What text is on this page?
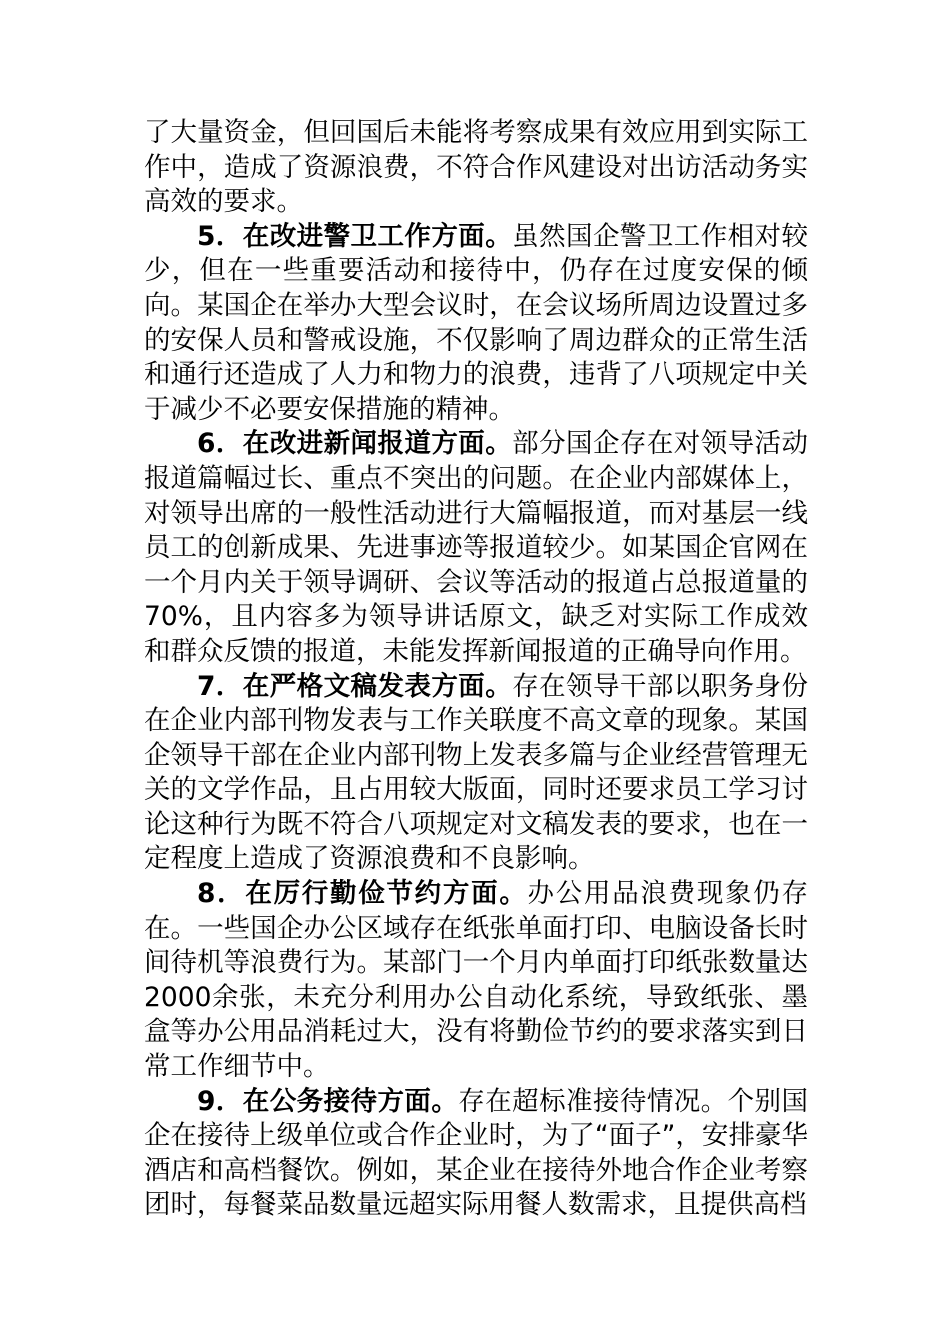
了大量资金，但回国后未能将考察成果有效应用到实际工作中，造成了资源浪费，不符合作风建设对出访活动务实高效的要求。

5．在改进警卫工作方面。虽然国企警卫工作相对较少，但在一些重要活动和接待中，仍存在过度安保的倾向。某国企在举办大型会议时，在会议场所周边设置过多的安保人员和警戒设施，不仅影响了周边群众的正常生活和通行还造成了人力和物力的浪费，违背了八项规定中关于减少不必要安保措施的精神。

6．在改进新闻报道方面。部分国企存在对领导活动报道篇幅过长、重点不突出的问题。在企业内部媒体上，对领导出席的一般性活动进行大篇幅报道，而对基层一线员工的创新成果、先进事迹等报道较少。如某国企官网在一个月内关于领导调研、会议等活动的报道占总报道量的70%，且内容多为领导讲话原文，缺乏对实际工作成效和群众反馈的报道，未能发挥新闻报道的正确导向作用。

7．在严格文稿发表方面。存在领导干部以职务身份在企业内部刊物发表与工作关联度不高文章的现象。某国企领导干部在企业内部刊物上发表多篇与企业经营管理无关的文学作品，且占用较大版面，同时还要求员工学习讨论这种行为既不符合八项规定对文稿发表的要求，也在一定程度上造成了资源浪费和不良影响。

8．在厉行勤俭节约方面。办公用品浪费现象仍存在。一些国企办公区域存在纸张单面打印、电脑设备长时间待机等浪费行为。某部门一个月内单面打印纸张数量达2000余张，未充分利用办公自动化系统，导致纸张、墨盒等办公用品消耗过大，没有将勤俭节约的要求落实到日常工作细节中。

9．在公务接待方面。存在超标准接待情况。个别国企在接待上级单位或合作企业时，为了“面子”，安排豪华酒店和高档餐饮。例如，某企业在接待外地合作企业考察团时，每餐菜品数量远超实际用餐人数需求，且提供高档
